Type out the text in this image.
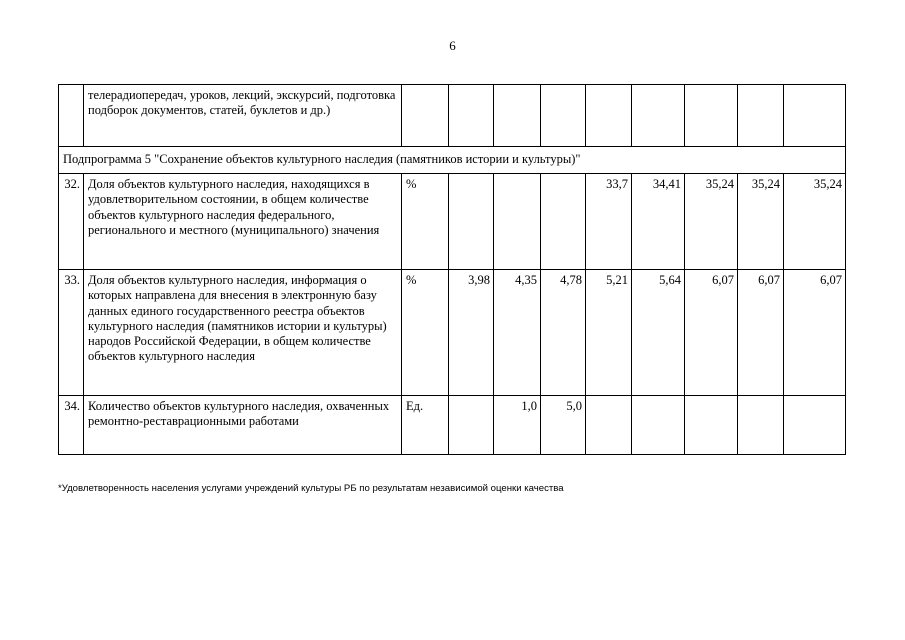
6
	телерадиопередач, уроков, лекций, экскурсий, подготовка подборок документов, статей, буклетов и др.)									
Подпрограмма 5 "Сохранение объектов культурного наследия (памятников истории и культуры)"										
32.	Доля объектов культурного наследия, находящихся в удовлетворительном состоянии, в общем количестве объектов культурного наследия федерального, регионального и местного (муниципального) значения	%				33,7	34,41	35,24	35,24	35,24
33.	Доля объектов культурного наследия, информация о которых направлена для внесения в электронную базу данных единого государственного реестра объектов культурного наследия (памятников истории и культуры) народов Российской Федерации, в общем количестве объектов культурного наследия	%	3,98	4,35	4,78	5,21	5,64	6,07	6,07	6,07
34.	Количество объектов культурного наследия, охваченных ремонтно-реставрационными работами	Ед.		1,0	5,0					
*Удовлетворенность населения услугами учреждений культуры РБ по результатам независимой оценки качества
